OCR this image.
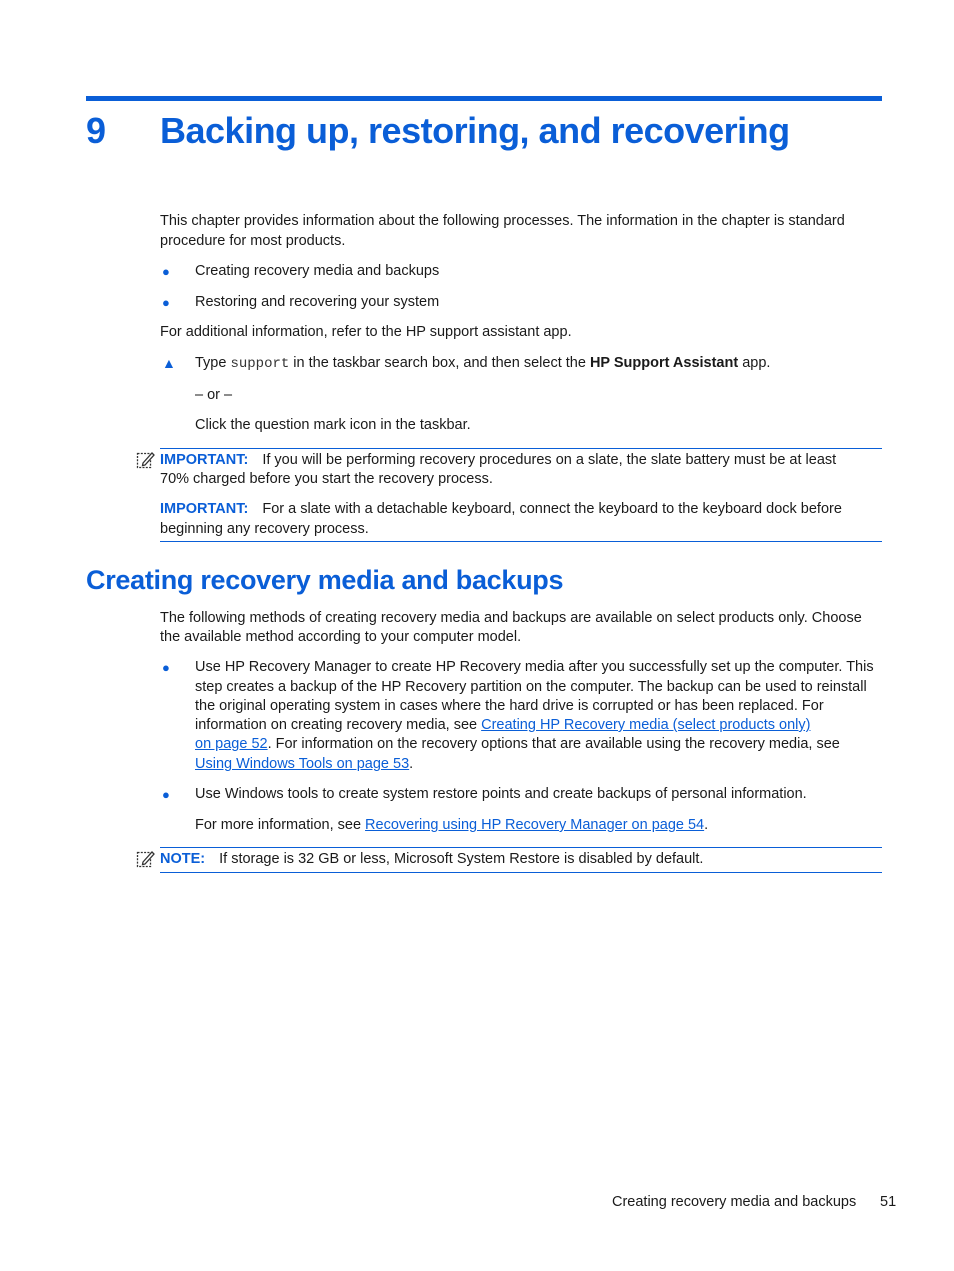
9 Backing up, restoring, and recovering
This chapter provides information about the following processes. The information in the chapter is standard procedure for most products.
● Creating recovery media and backups
● Restoring and recovering your system
For additional information, refer to the HP support assistant app.
▲ Type support in the taskbar search box, and then select the HP Support Assistant app.
– or –
Click the question mark icon in the taskbar.
IMPORTANT: If you will be performing recovery procedures on a slate, the slate battery must be at least
70% charged before you start the recovery process.
IMPORTANT: For a slate with a detachable keyboard, connect the keyboard to the keyboard dock before
beginning any recovery process.
Creating recovery media and backups
The following methods of creating recovery media and backups are available on select products only. Choose
the available method according to your computer model.
● Use HP Recovery Manager to create HP Recovery media after you successfully set up the computer. This
step creates a backup of the HP Recovery partition on the computer. The backup can be used to reinstall
the original operating system in cases where the hard drive is corrupted or has been replaced. For
information on creating recovery media, see Creating HP Recovery media (select products only)
on page 52. For information on the recovery options that are available using the recovery media, see
Using Windows Tools on page 53.
● Use Windows tools to create system restore points and create backups of personal information.
For more information, see Recovering using HP Recovery Manager on page 54.
NOTE: If storage is 32 GB or less, Microsoft System Restore is disabled by default.
Creating recovery media and backups 51
